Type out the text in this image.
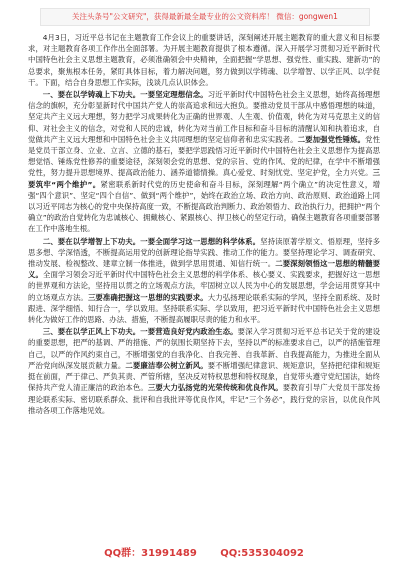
关注头条号"公文研究"，获得最新最全最专业的公文资料库！ 微信：gongwen1

4月3日，习近平总书记在主题教育工作会议上的重要讲话，深刻阐述开展主题教育的重大意义和目标要求，对主题教育各项工作作出全面部署。为开展主题教育提供了根本遵循。深入开展学习贯彻习近平新时代中国特色社会主义思想主题教育，必须准确领会中央精神，全面把握“学思想、强党性、重实践、建新功”的总要求，聚焦根本任务，紧盯具体目标，着力解决问题，努力做到以学铸魂、以学增智、以学正风、以学促干。下面，结合自身思想工作实际，浅谈几点认识体会。

一、要在以学铸魂上下功夫。一要坚定理想信念。习近平新时代中国特色社会主义思想，始终高扬理想信念的旗帜，充分彰显新时代中国共产党人的崇高追求和远大抱负。要推动党员干部从中感悟理想的味道，坚定共产主义远大理想，努力把学习成果转化为正确的世界观、人生观、价值观，转化为对马克思主义的信仰、对社会主义的信念，对党和人民的忠诚，转化为对当前工作目标和奋斗目标的清醒认知和执着追求，自觉做共产主义远大理想和中国特色社会主义共同理想的坚定信仰者和忠实实践者。二要加强党性锤炼。党性是党员干部立身、立业、立言、立德的基石，要把学思践悟习近平新时代中国特色社会主义思想作为提高思想觉悟、锤炼党性修养的重要途径，深刻领会党的思想、党的宗旨、党的作风、党的纪律，在学中不断增强党性，努力提升思想境界、提高政治能力、涵养道德情操。真心爱党、时刻忧党、坚定护党，全力兴党。三要筑牢“两个维护”。紧密联系新时代党的历史使命和奋斗目标，深刻理解“两个确立”的决定性意义，增强“四个意识”、坚定“四个自信”、做到“两个维护”，始终在政治立场、政治方向、政治原则、政治道路上同以习近平同志为核心的党中央保持高度一致，不断提高政治判断力、政治领悟力、政治执行力，把拥护“两个确立”的政治自觉转化为忠诚核心、拥戴核心、紧跟核心、捍卫核心的坚定行动，确保主题教育各项重要部署在工作中落地生根。

二、要在以学增智上下功夫。一要全面学习这一思想的科学体系。坚持读原著学原文、悟原理，坚持多思多想、学深悟透，不断提高运用党的创新理论指导实践、推动工作的能力。要坚持理论学习、调查研究、推动发展、检视整改、建章立制一体推进，做到学思用贯通、知信行统一。二要深刻领悟这一思想的精髓要义。全面学习领会习近平新时代中国特色社会主义思想的科学体系、核心要义、实践要求，把握好这一思想的世界观和方法论，坚持用以贯之的立场观点方法，牢固树立以人民为中心的发展思想，学会运用贯穿其中的立场观点方法。三要准确把握这一思想的实践要求。大力弘扬理论联系实际的学风，坚持全面系统、及时跟进、深学细悟、知行合一，学以致用。坚持联系实际、学以致用，把习近平新时代中国特色社会主义思想转化为做好工作的思路、办法、措施，不断提高履职尽责的能力和水平。

三、要在以学正风上下功夫。一要营造良好党内政治生态。要深入学习贯彻习近平总书记关于党的建设的重要思想，把严的基调、严的措施、严的氛围长期坚持下去，坚持以严的标准要求自己，以严的措施管理自己，以严的作风约束自己，不断增强党的自我净化、自我完善、自我革新、自我提高能力，为推进全面从严治党向纵深发展贡献力量。二要廉洁奉公树立新风。要不断增强纪律意识、规矩意识，坚持把纪律和规矩挺在前面，严于律己、严负其责、严管所辖，坚决反对特权思想和特权现象，自觉带头遵守党纪国法，始终保持共产党人清正廉洁的政治本色。三要大力弘扬党的光荣传统和优良作风。要教育引导广大党员干部发扬理论联系实际、密切联系群众、批评和自我批评等优良作风，牢记“三个务必”，践行党的宗旨，以优良作风推动各项工作落地见效。

QQ群：31991489 QQ:535304092
